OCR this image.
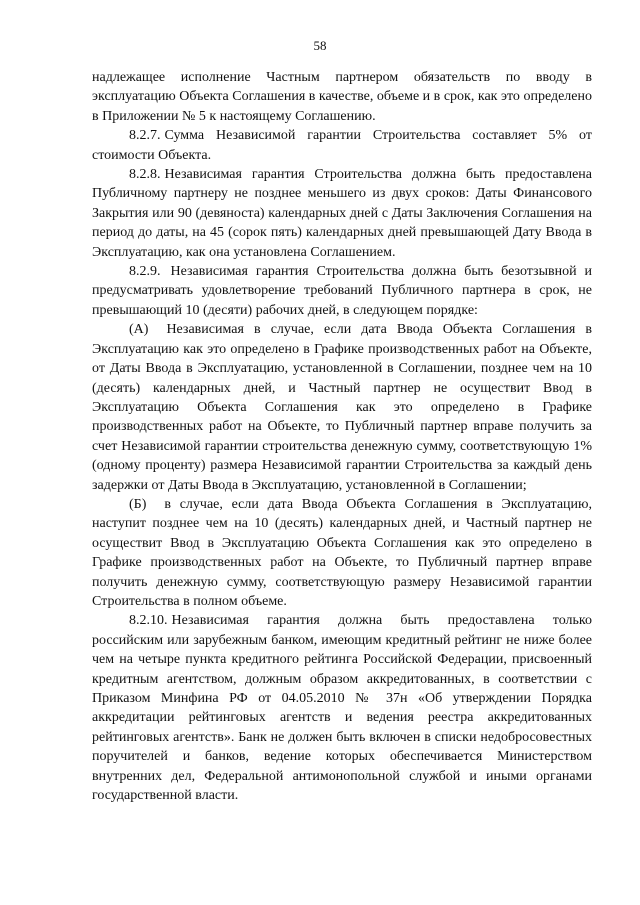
58

надлежащее исполнение Частным партнером обязательств по вводу в эксплуатацию Объекта Соглашения в качестве, объеме и в срок, как это определено в Приложении № 5 к настоящему Соглашению.

8.2.7. Сумма Независимой гарантии Строительства составляет 5% от стоимости Объекта.

8.2.8. Независимая гарантия Строительства должна быть предоставлена Публичному партнеру не позднее меньшего из двух сроков: Даты Финансового Закрытия или 90 (девяноста) календарных дней с Даты Заключения Соглашения на период до даты, на 45 (сорок пять) календарных дней превышающей Дату Ввода в Эксплуатацию, как она установлена Соглашением.

8.2.9. Независимая гарантия Строительства должна быть безотзывной и предусматривать удовлетворение требований Публичного партнера в срок, не превышающий 10 (десяти) рабочих дней, в следующем порядке:

(А) Независимая в случае, если дата Ввода Объекта Соглашения в Эксплуатацию как это определено в Графике производственных работ на Объекте, от Даты Ввода в Эксплуатацию, установленной в Соглашении, позднее чем на 10 (десять) календарных дней, и Частный партнер не осуществит Ввод в Эксплуатацию Объекта Соглашения как это определено в Графике производственных работ на Объекте, то Публичный партнер вправе получить за счет Независимой гарантии строительства денежную сумму, соответствующую 1% (одному проценту) размера Независимой гарантии Строительства за каждый день задержки от Даты Ввода в Эксплуатацию, установленной в Соглашении;

(Б) в случае, если дата Ввода Объекта Соглашения в Эксплуатацию, наступит позднее чем на 10 (десять) календарных дней, и Частный партнер не осуществит Ввод в Эксплуатацию Объекта Соглашения как это определено в Графике производственных работ на Объекте, то Публичный партнер вправе получить денежную сумму, соответствующую размеру Независимой гарантии Строительства в полном объеме.

8.2.10. Независимая гарантия должна быть предоставлена только российским или зарубежным банком, имеющим кредитный рейтинг не ниже более чем на четыре пункта кредитного рейтинга Российской Федерации, присвоенный кредитным агентством, должным образом аккредитованных, в соответствии с Приказом Минфина РФ от 04.05.2010 № 37н «Об утверждении Порядка аккредитации рейтинговых агентств и ведения реестра аккредитованных рейтинговых агентств». Банк не должен быть включен в списки недобросовестных поручителей и банков, ведение которых обеспечивается Министерством внутренних дел, Федеральной антимонопольной службой и иными органами государственной власти.
